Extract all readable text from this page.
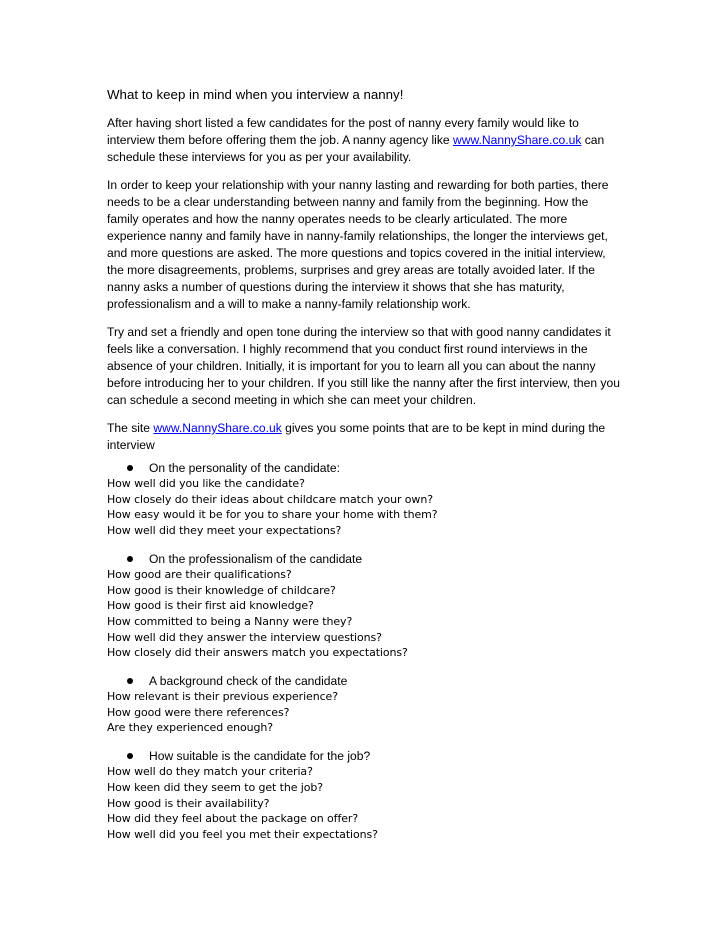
What to keep in mind when you interview a nanny!

After having short listed a few candidates for the post of nanny every family would like to interview them before offering them the job. A nanny agency like www.NannyShare.co.uk can schedule these interviews for you as per your availability.

In order to keep your relationship with your nanny lasting and rewarding for both parties, there needs to be a clear understanding between nanny and family from the beginning. How the family operates and how the nanny operates needs to be clearly articulated. The more experience nanny and family have in nanny-family relationships, the longer the interviews get, and more questions are asked. The more questions and topics covered in the initial interview, the more disagreements, problems, surprises and grey areas are totally avoided later. If the nanny asks a number of questions during the interview it shows that she has maturity, professionalism and a will to make a nanny-family relationship work.

Try and set a friendly and open tone during the interview so that with good nanny candidates it feels like a conversation. I highly recommend that you conduct first round interviews in the absence of your children. Initially, it is important for you to learn all you can about the nanny before introducing her to your children. If you still like the nanny after the first interview, then you can schedule a second meeting in which she can meet your children.

The site www.NannyShare.co.uk gives you some points that are to be kept in mind during the interview

On the personality of the candidate:
How well did you like the candidate?
How closely do their ideas about childcare match your own?
How easy would it be for you to share your home with them?
How well did they meet your expectations?
On the professionalism of the candidate
How good are their qualifications?
How good is their knowledge of childcare?
How good is their first aid knowledge?
How committed to being a Nanny were they?
How well did they answer the interview questions?
How closely did their answers match you expectations?
A background check of the candidate
How relevant is their previous experience?
How good were there references?
Are they experienced enough?
How suitable is the candidate for the job?
How well do they match your criteria?
How keen did they seem to get the job?
How good is their availability?
How did they feel about the package on offer?
How well did you feel you met their expectations?
